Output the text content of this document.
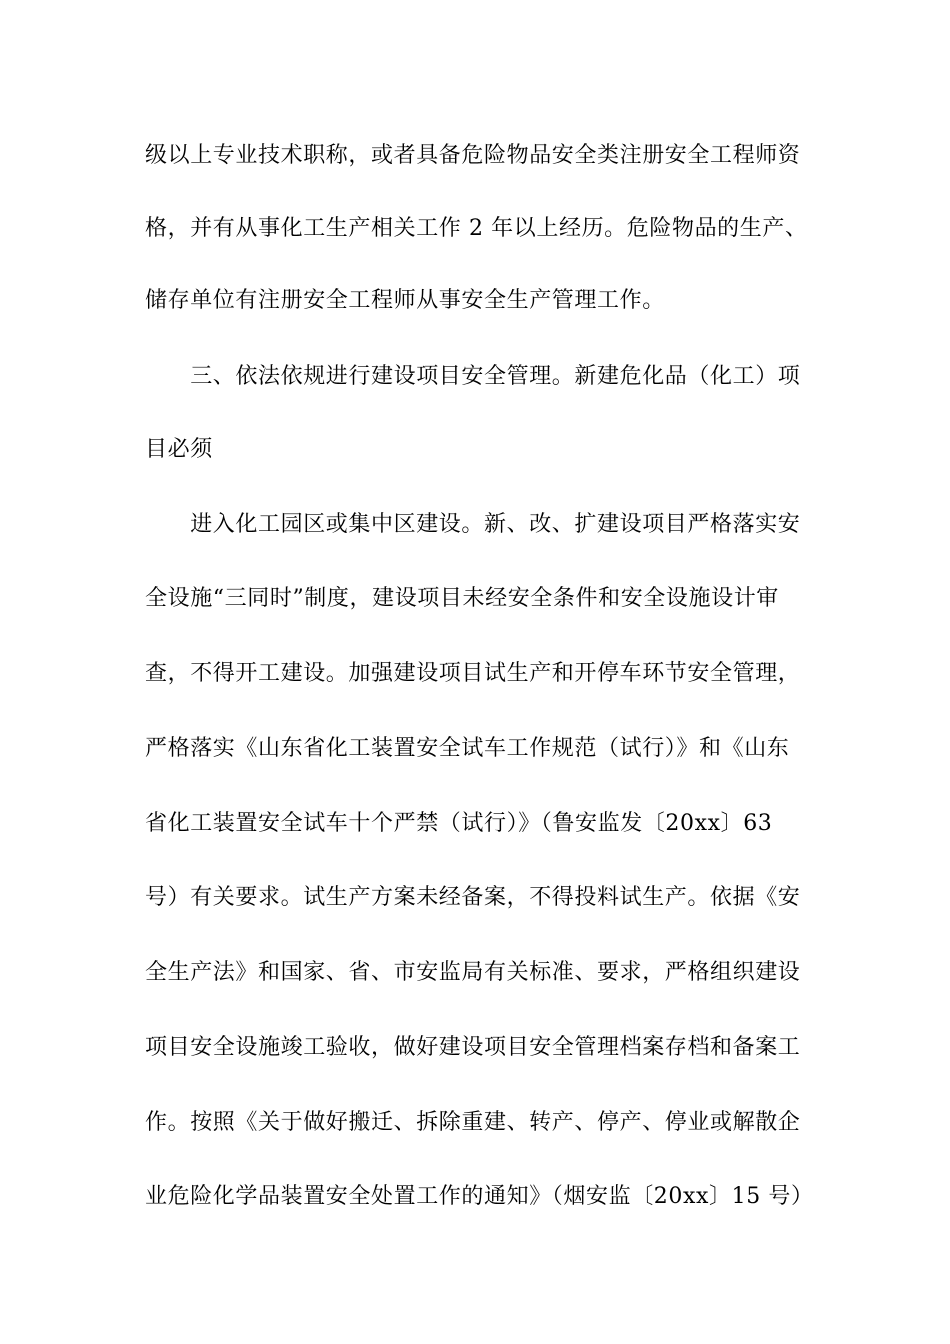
级以上专业技术职称，或者具备危险物品安全类注册安全工程师资
格，并有从事化工生产相关工作 2 年以上经历。危险物品的生产、
储存单位有注册安全工程师从事安全生产管理工作。
　　三、依法依规进行建设项目安全管理。新建危化品（化工）项
目必须
　　进入化工园区或集中区建设。新、改、扩建设项目严格落实安
全设施“三同时”制度，建设项目未经安全条件和安全设施设计审
查，不得开工建设。加强建设项目试生产和开停车环节安全管理，
严格落实《山东省化工装置安全试车工作规范（试行）》和《山东
省化工装置安全试车十个严禁（试行）》（鲁安监发〔20xx〕63
号）有关要求。试生产方案未经备案，不得投料试生产。依据《安
全生产法》和国家、省、市安监局有关标准、要求，严格组织建设
项目安全设施竣工验收，做好建设项目安全管理档案存档和备案工
作。按照《关于做好搬迁、拆除重建、转产、停产、停业或解散企
业危险化学品装置安全处置工作的通知》（烟安监〔20xx〕15 号）
